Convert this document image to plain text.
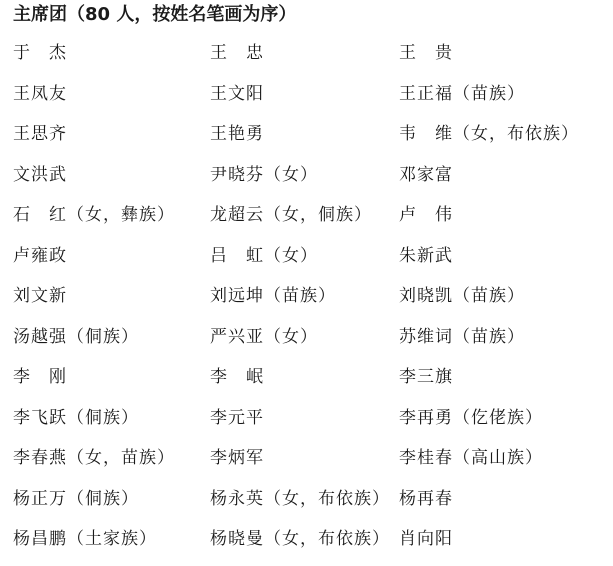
主席团（80 人，按姓名笔画为序）
于　杰	王　忠	王　贵
王凤友	王文阳	王正福（苗族）
王思齐	王艳勇	韦　维（女，布依族）
文洪武	尹晓芬（女）	邓家富
石　红（女，彝族） 龙超云（女，侗族） 卢　伟
卢雍政	吕　虹（女）	朱新武
刘文新	刘远坤（苗族）	刘晓凯（苗族）
汤越强（侗族）	严兴亚（女）	苏维词（苗族）
李　刚	李　岷	李三旗
李飞跃（侗族）	李元平	李再勇（仡佬族）
李春燕（女，苗族） 李炳军	李桂春（高山族）
杨正万（侗族）	杨永英（女，布依族） 杨再春
杨昌鹏（土家族）	杨晓曼（女，布依族） 肖向阳
